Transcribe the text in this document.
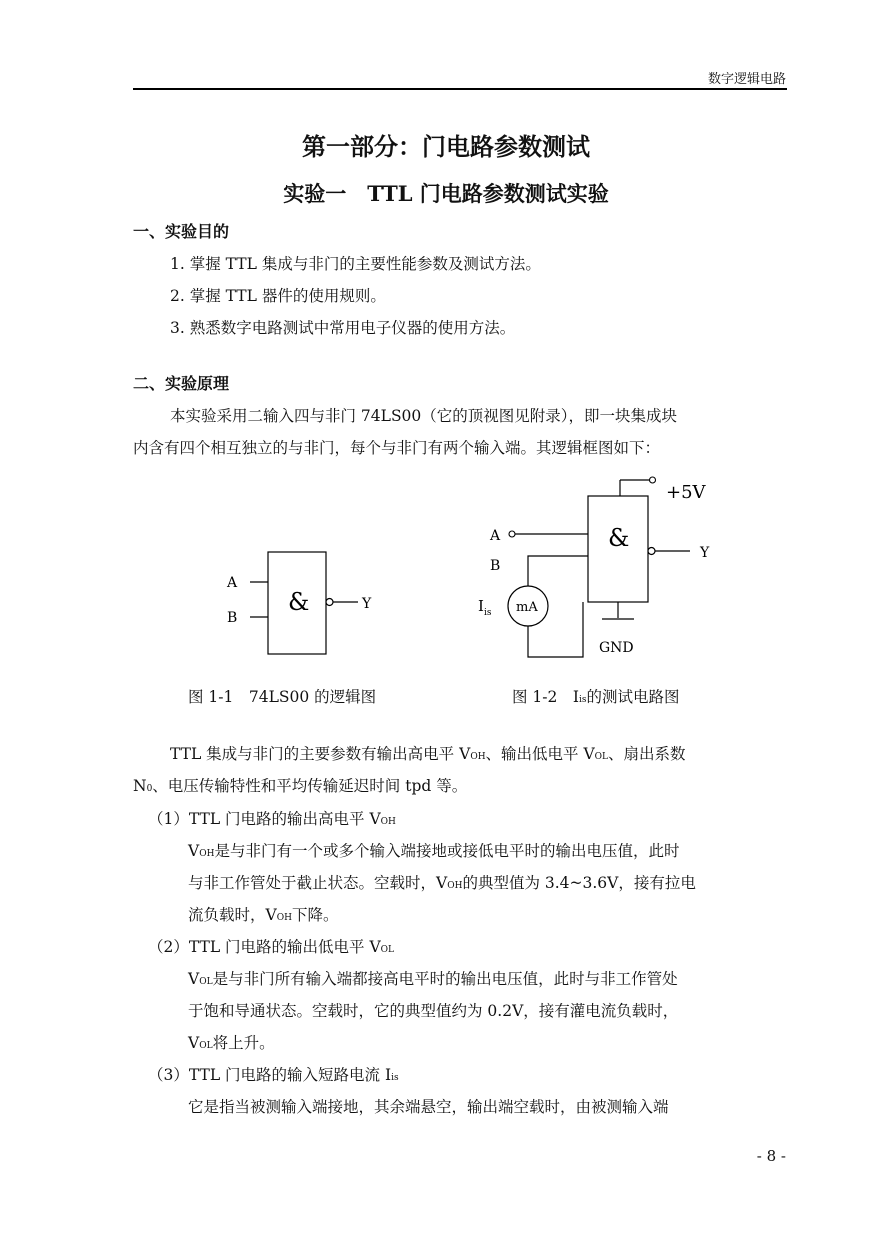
数字逻辑电路
第一部分：门电路参数测试
实验一　TTL 门电路参数测试实验
一、实验目的
1. 掌握 TTL 集成与非门的主要性能参数及测试方法。
2. 掌握 TTL 器件的使用规则。
3. 熟悉数字电路测试中常用电子仪器的使用方法。
二、实验原理
本实验采用二输入四与非门 74LS00（它的顶视图见附录），即一块集成块
内含有四个相互独立的与非门，每个与非门有两个输入端。其逻辑框图如下：
A
B
&	Y
+5V
&
Y
A
B
mA
$I_{is}$
GND
图 1-1　74LS00 的逻辑图	图 1-2　Iis的测试电路图
TTL 集成与非门的主要参数有输出高电平 VOH、输出低电平 VOL、扇出系数
N0、电压传输特性和平均传输延迟时间 tpd 等。
（1）TTL 门电路的输出高电平 VOH
VOH是与非门有一个或多个输入端接地或接低电平时的输出电压值，此时
与非工作管处于截止状态。空载时，VOH的典型值为 3.4~3.6V，接有拉电
流负载时，VOH下降。
（2）TTL 门电路的输出低电平 VOL
VOL是与非门所有输入端都接高电平时的输出电压值，此时与非工作管处
于饱和导通状态。空载时，它的典型值约为 0.2V，接有灌电流负载时，
VOL将上升。
（3）TTL 门电路的输入短路电流 Iis
它是指当被测输入端接地，其余端悬空，输出端空载时，由被测输入端
- 8 -
